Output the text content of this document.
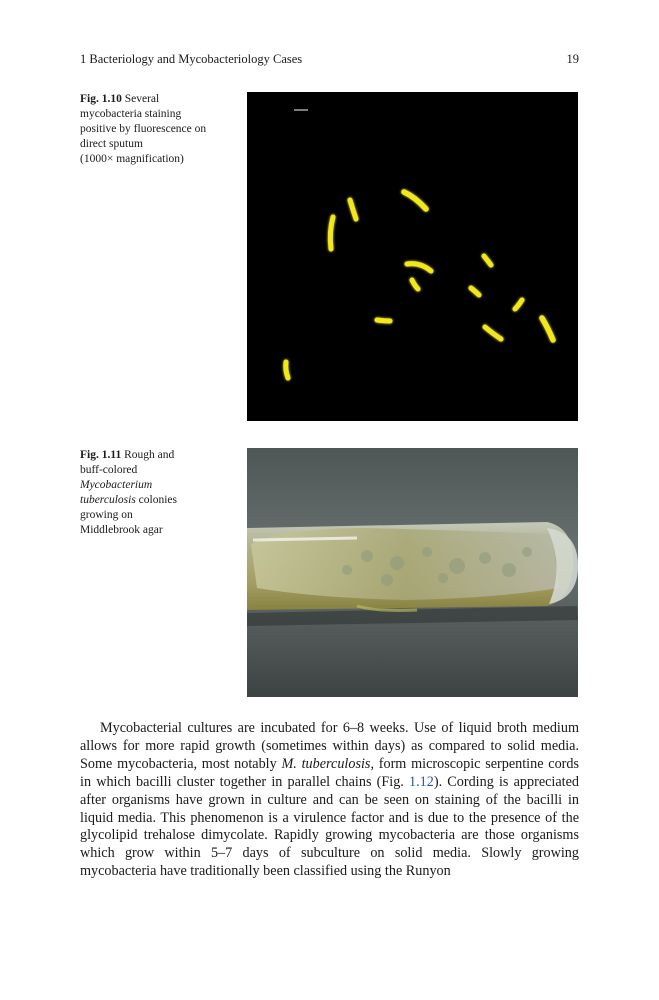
1 Bacteriology and Mycobacteriology Cases	19
Fig. 1.10 Several
mycobacteria staining
positive by fluorescence on
direct sputum
(1000× magnification)
Fig. 1.11 Rough and
buff-colored
Mycobacterium
tuberculosis colonies
growing on
Middlebrook agar

Mycobacterial cultures are incubated for 6–8 weeks. Use of liquid broth medium allows for more rapid growth (sometimes within days) as compared to solid media. Some mycobacteria, most notably M. tuberculosis, form microscopic serpentine cords in which bacilli cluster together in parallel chains (Fig. 1.12). Cording is appreciated after organisms have grown in culture and can be seen on staining of the bacilli in liquid media. This phenomenon is a virulence factor and is due to the presence of the glycolipid trehalose dimycolate. Rapidly growing mycobacteria are those organisms which grow within 5–7 days of subculture on solid media. Slowly growing mycobacteria have traditionally been classified using the Runyon
